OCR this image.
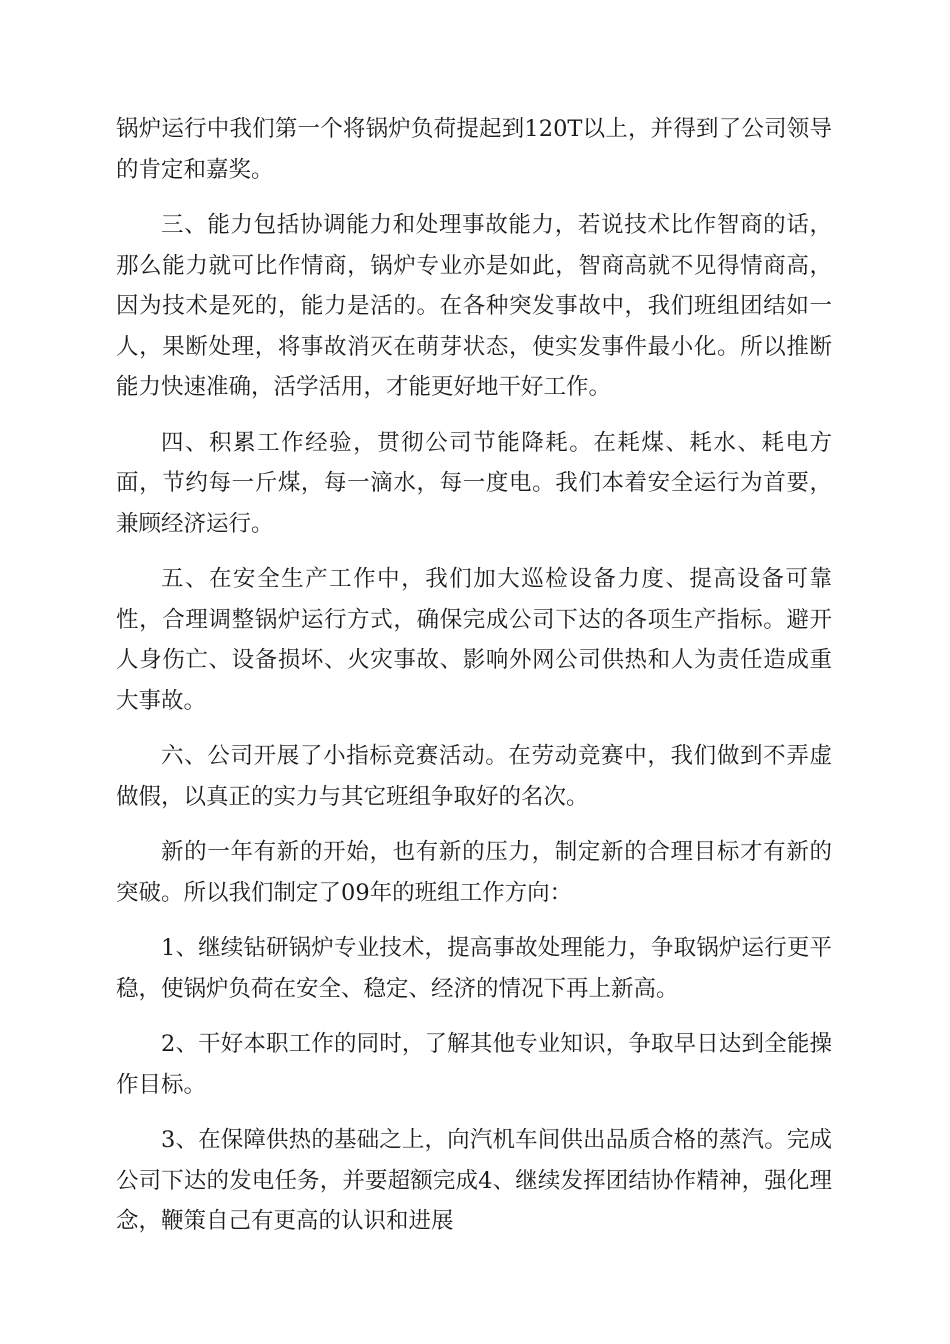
锅炉运行中我们第一个将锅炉负荷提起到120T以上，并得到了公司领导的肯定和嘉奖。

三、能力包括协调能力和处理事故能力，若说技术比作智商的话，那么能力就可比作情商，锅炉专业亦是如此，智商高就不见得情商高，因为技术是死的，能力是活的。在各种突发事故中，我们班组团结如一人，果断处理，将事故消灭在萌芽状态，使实发事件最小化。所以推断能力快速准确，活学活用，才能更好地干好工作。

四、积累工作经验，贯彻公司节能降耗。在耗煤、耗水、耗电方面，节约每一斤煤，每一滴水，每一度电。我们本着安全运行为首要，兼顾经济运行。

五、在安全生产工作中，我们加大巡检设备力度、提高设备可靠性，合理调整锅炉运行方式，确保完成公司下达的各项生产指标。避开人身伤亡、设备损坏、火灾事故、影响外网公司供热和人为责任造成重大事故。

六、公司开展了小指标竞赛活动。在劳动竞赛中，我们做到不弄虚做假，以真正的实力与其它班组争取好的名次。

新的一年有新的开始，也有新的压力，制定新的合理目标才有新的突破。所以我们制定了09年的班组工作方向：

1、继续钻研锅炉专业技术，提高事故处理能力，争取锅炉运行更平稳，使锅炉负荷在安全、稳定、经济的情况下再上新高。

2、干好本职工作的同时，了解其他专业知识，争取早日达到全能操作目标。

3、在保障供热的基础之上，向汽机车间供出品质合格的蒸汽。完成公司下达的发电任务，并要超额完成4、继续发挥团结协作精神，强化理念，鞭策自己有更高的认识和进展
